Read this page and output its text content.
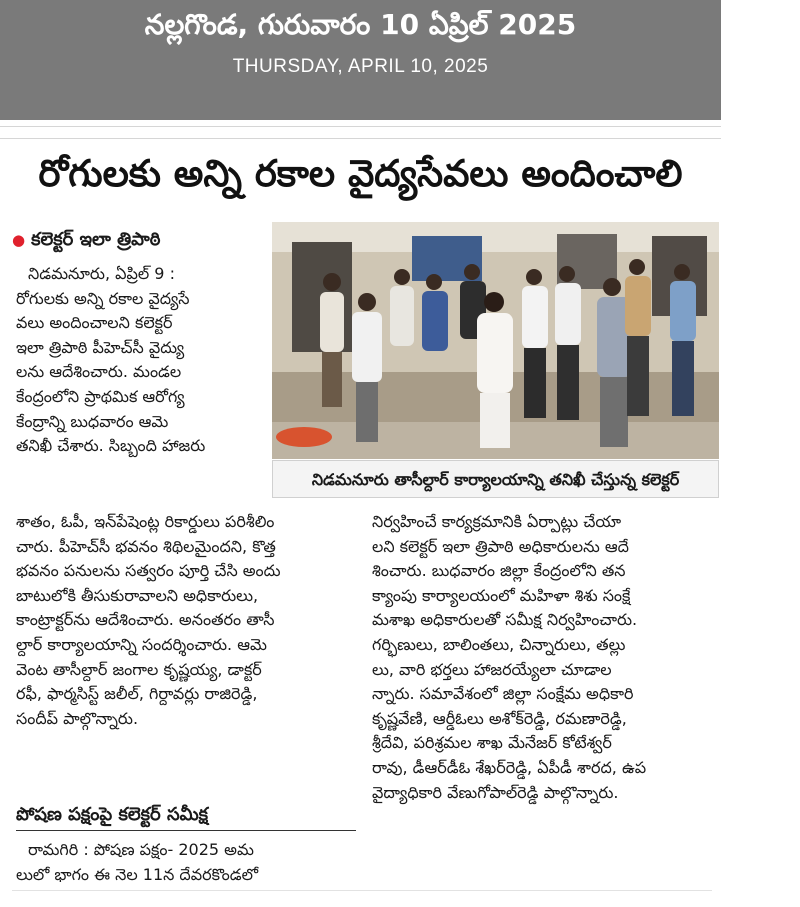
నల్లగొండ, గురువారం 10 ఏప్రిల్ 2025
THURSDAY, APRIL 10, 2025
రోగులకు అన్ని రకాల వైద్యసేవలు అందించాలి
● కలెక్టర్ ఇలా త్రిపాఠి

నిడమనూరు, ఏప్రిల్ 9 :

రోగులకు అన్ని రకాల వైద్యసే

వలు అందించాలని కలెక్టర్

ఇలా త్రిపాఠి పీహెచ్‌సీ వైద్యు

లను ఆదేశించారు. మండల

కేంద్రంలోని ప్రాథమిక ఆరోగ్య

కేంద్రాన్ని బుధవారం ఆమె

తనిఖీ చేశారు. సిబ్బంది హాజరు

నిడమనూరు తాసీల్దార్ కార్యాలయాన్ని తనిఖీ చేస్తున్న కలెక్టర్

శాతం, ఓపీ, ఇన్‌పేషెంట్ల రికార్డులు పరిశీలిం

చారు. పీహెచ్‌సీ భవనం శిథిలమైందని, కొత్త

భవనం పనులను సత్వరం పూర్తి చేసి అందు

బాటులోకి తీసుకురావాలని అధికారులు,

కాంట్రాక్టర్‌ను ఆదేశించారు. అనంతరం తాసీ

ల్దార్ కార్యాలయాన్ని సందర్శించారు. ఆమె

వెంట తాసీల్దార్ జంగాల కృష్ణయ్య, డాక్టర్

రఫీ, ఫార్మసిస్ట్ జలీల్, గిర్దావర్లు రాజిరెడ్డి,

సందీప్ పాల్గొన్నారు.

పోషణ పక్షంపై కలెక్టర్ సమీక్ష

రామగిరి : పోషణ పక్షం- 2025 అమ

లులో భాగం ఈ నెల 11న దేవరకొండలో

నిర్వహించే కార్యక్రమానికి ఏర్పాట్లు చేయా

లని కలెక్టర్ ఇలా త్రిపాఠి అధికారులను ఆదే

శించారు. బుధవారం జిల్లా కేంద్రంలోని తన

క్యాంపు కార్యాలయంలో మహిళా శిశు సంక్షే

మశాఖ అధికారులతో సమీక్ష నిర్వహించారు.

గర్భిణులు, బాలింతలు, చిన్నారులు, తల్లు

లు, వారి భర్తలు హాజరయ్యేలా చూడాల

న్నారు. సమావేశంలో జిల్లా సంక్షేమ అధికారి

కృష్ణవేణి, ఆర్డీఓలు అశోక్‌రెడ్డి, రమణారెడ్డి,

శ్రీదేవి, పరిశ్రమల శాఖ మేనేజర్ కోటేశ్వర్

రావు, డీఆర్‌డీఓ శేఖర్‌రెడ్డి, ఏపీడీ శారద, ఉప

వైద్యాధికారి వేణుగోపాల్‌రెడ్డి పాల్గొన్నారు.
